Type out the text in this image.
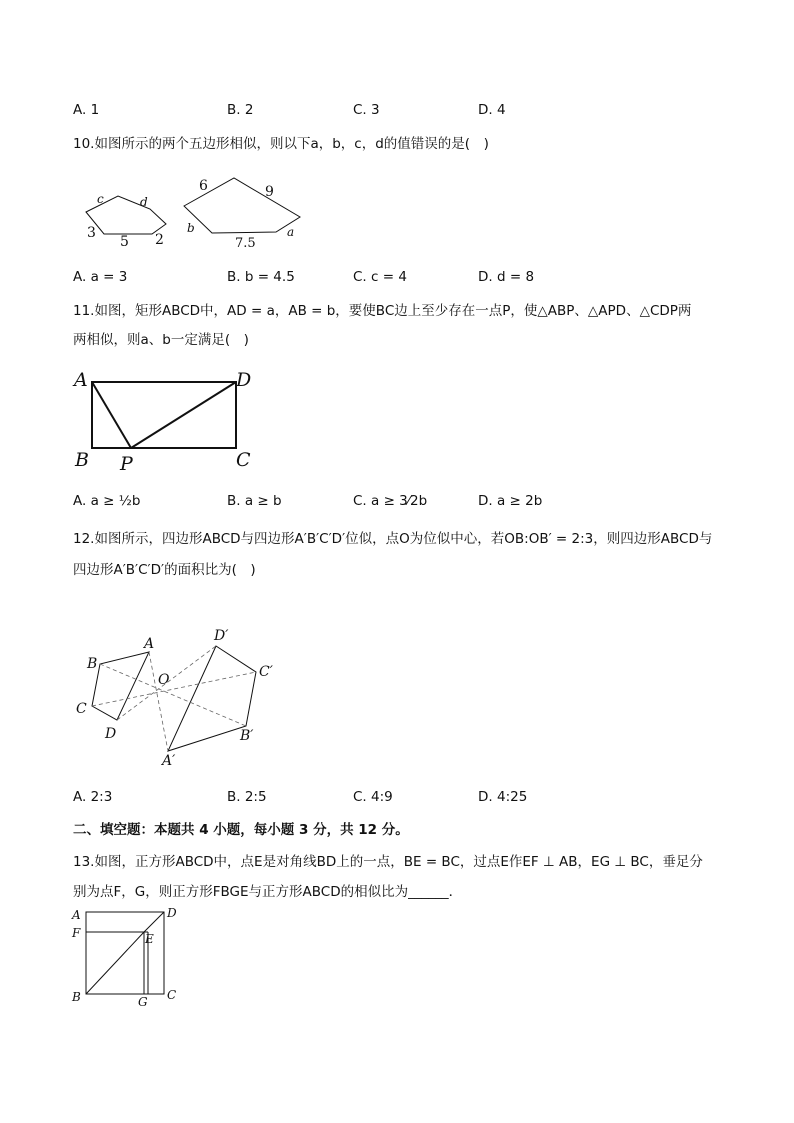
A. 1	B. 2	C. 3	D. 4
10.如图所示的两个五边形相似，则以下a，b，c，d的值错误的是(　)
c	d
3
5 2
6	9
b
7.5
a
A. a = 3	B. b = 4.5	C. c = 4	D. d = 8
11.如图，矩形ABCD中，AD = a，AB = b，要使BC边上至少存在一点P，使△ABP、△APD、△CDP两
两相似，则a、b一定满足(　)
A	D
B P	C
A. a ≥ ½b	B. a ≥ b	C. a ≥ 3⁄2b	D. a ≥ 2b
12.如图所示，四边形ABCD与四边形A′B′C′D′位似，点O为位似中心，若OB:OB′ = 2:3，则四边形ABCD与
四边形A′B′C′D′的面积比为(　)
A
B
C
D
O
D′
C′
B′
A′
A. 2:3	B. 2:5	C. 4:9	D. 4:25
二、填空题：本题共 4 小题，每小题 3 分，共 12 分。
13.如图，正方形ABCD中，点E是对角线BD上的一点，BE = BC，过点E作EF ⊥ AB，EG ⊥ BC，垂足分
别为点F，G，则正方形FBGE与正方形ABCD的相似比为______．
A	D
F	E
B	G C
